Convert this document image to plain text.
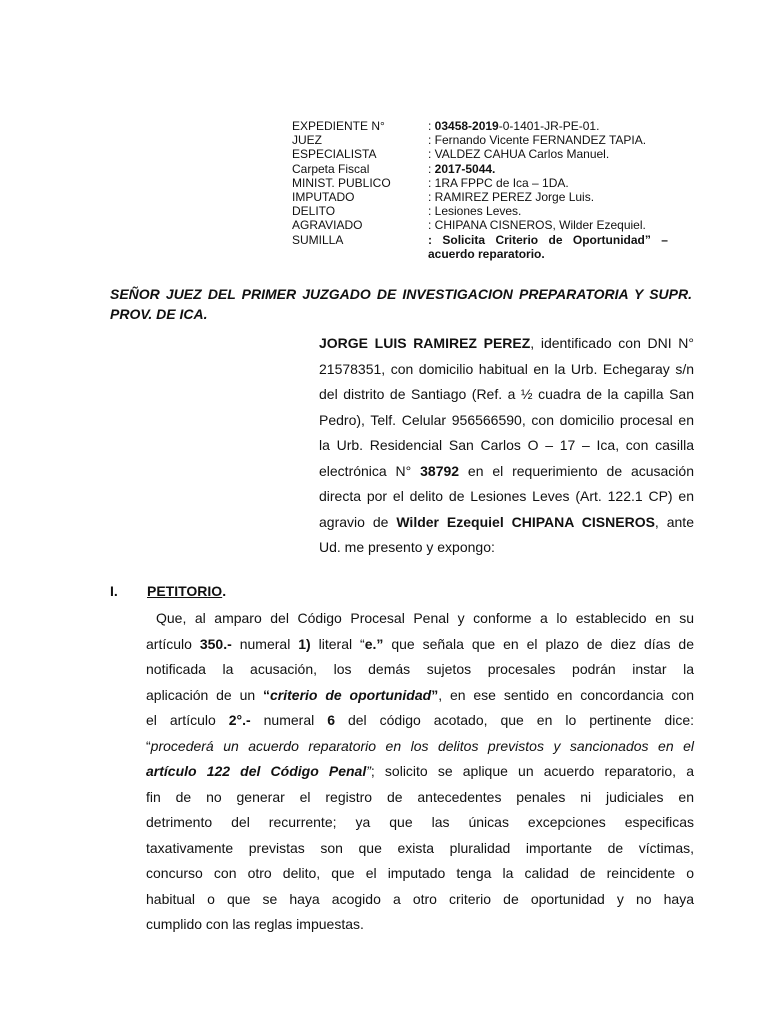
EXPEDIENTE N°	: 03458-2019-0-1401-JR-PE-01.
JUEZ	: Fernando Vicente FERNANDEZ TAPIA.
ESPECIALISTA	: VALDEZ CAHUA Carlos Manuel.
Carpeta Fiscal	: 2017-5044.
MINIST. PUBLICO	: 1RA FPPC de Ica – 1DA.
IMPUTADO	: RAMIREZ PEREZ Jorge Luis.
DELITO	: Lesiones Leves.
AGRAVIADO	: CHIPANA CISNEROS, Wilder Ezequiel.
SUMILLA	: Solicita Criterio de Oportunidad” –
acuerdo reparatorio.
SEÑOR JUEZ DEL PRIMER JUZGADO DE INVESTIGACION PREPARATORIA Y SUPR. PROV. DE ICA.
JORGE LUIS RAMIREZ PEREZ, identificado con DNI N°
21578351, con domicilio habitual en la Urb. Echegaray s/n
del distrito de Santiago (Ref. a ½ cuadra de la capilla San
Pedro), Telf. Celular 956566590, con domicilio procesal en
la Urb. Residencial San Carlos O – 17 – Ica, con casilla
electrónica N° 38792 en el requerimiento de acusación
directa por el delito de Lesiones Leves (Art. 122.1 CP) en
agravio de Wilder Ezequiel CHIPANA CISNEROS, ante
Ud. me presento y expongo:
I. PETITORIO.
Que, al amparo del Código Procesal Penal y conforme a lo establecido en su
artículo 350.- numeral 1) literal “e.” que señala que en el plazo de diez días de
notificada la acusación, los demás sujetos procesales podrán instar la
aplicación de un “criterio de oportunidad”, en ese sentido en concordancia con
el artículo 2°.- numeral 6 del código acotado, que en lo pertinente dice:
“procederá un acuerdo reparatorio en los delitos previstos y sancionados en el
artículo 122 del Código Penal”; solicito se aplique un acuerdo reparatorio, a
fin de no generar el registro de antecedentes penales ni judiciales en
detrimento del recurrente; ya que las únicas excepciones especificas
taxativamente previstas son que exista pluralidad importante de víctimas,
concurso con otro delito, que el imputado tenga la calidad de reincidente o
habitual o que se haya acogido a otro criterio de oportunidad y no haya
cumplido con las reglas impuestas.
